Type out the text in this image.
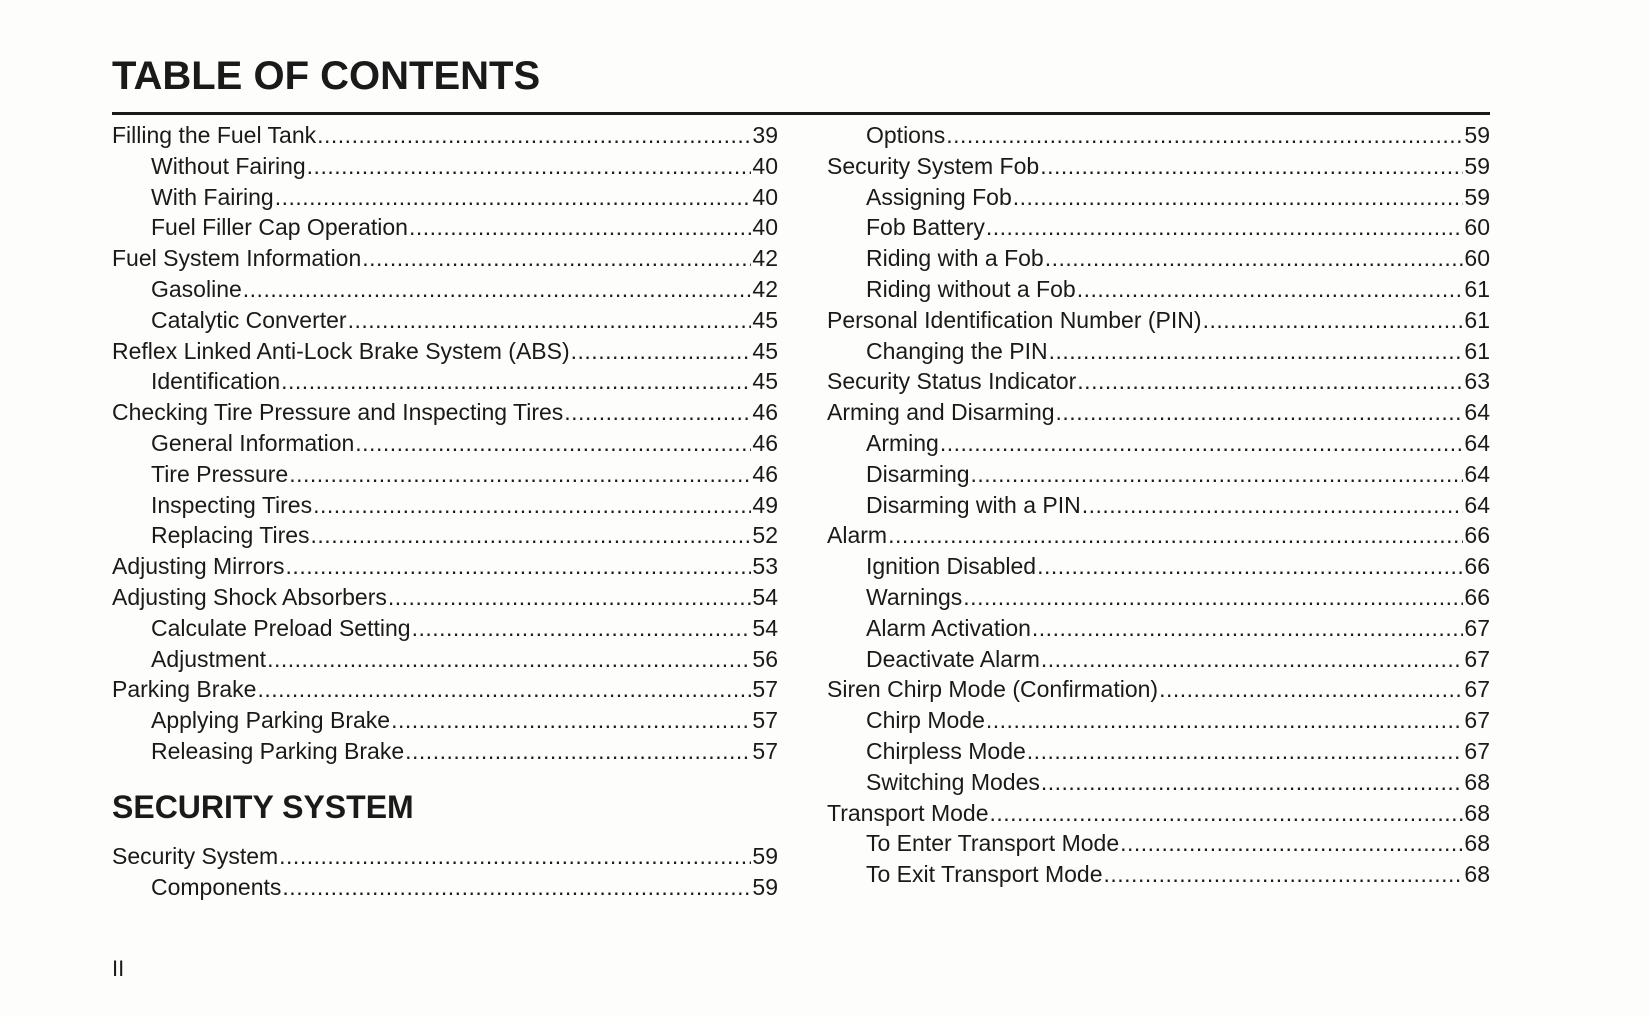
TABLE OF CONTENTS
Filling the Fuel Tank .....	39
Without Fairing .....	40
With Fairing .....	40
Fuel Filler Cap Operation .....	40
Fuel System Information .....	42
Gasoline .....	42
Catalytic Converter .....	45
Reflex Linked Anti-Lock Brake System (ABS) .....	45
Identification .....	45
Checking Tire Pressure and Inspecting Tires .....	46
General Information .....	46
Tire Pressure .....	46
Inspecting Tires .....	49
Replacing Tires .....	52
Adjusting Mirrors .....	53
Adjusting Shock Absorbers .....	54
Calculate Preload Setting .....	54
Adjustment .....	56
Parking Brake .....	57
Applying Parking Brake .....	57
Releasing Parking Brake .....	57
SECURITY SYSTEM
Security System .....	59
Components .....	59
Options .....	59
Security System Fob .....	59
Assigning Fob .....	59
Fob Battery .....	60
Riding with a Fob .....	60
Riding without a Fob .....	61
Personal Identification Number (PIN) .....	61
Changing the PIN .....	61
Security Status Indicator .....	63
Arming and Disarming .....	64
Arming .....	64
Disarming .....	64
Disarming with a PIN .....	64
Alarm .....	66
Ignition Disabled .....	66
Warnings .....	66
Alarm Activation .....	67
Deactivate Alarm .....	67
Siren Chirp Mode (Confirmation) .....	67
Chirp Mode .....	67
Chirpless Mode .....	67
Switching Modes .....	68
Transport Mode .....	68
To Enter Transport Mode .....	68
To Exit Transport Mode .....	68
II
